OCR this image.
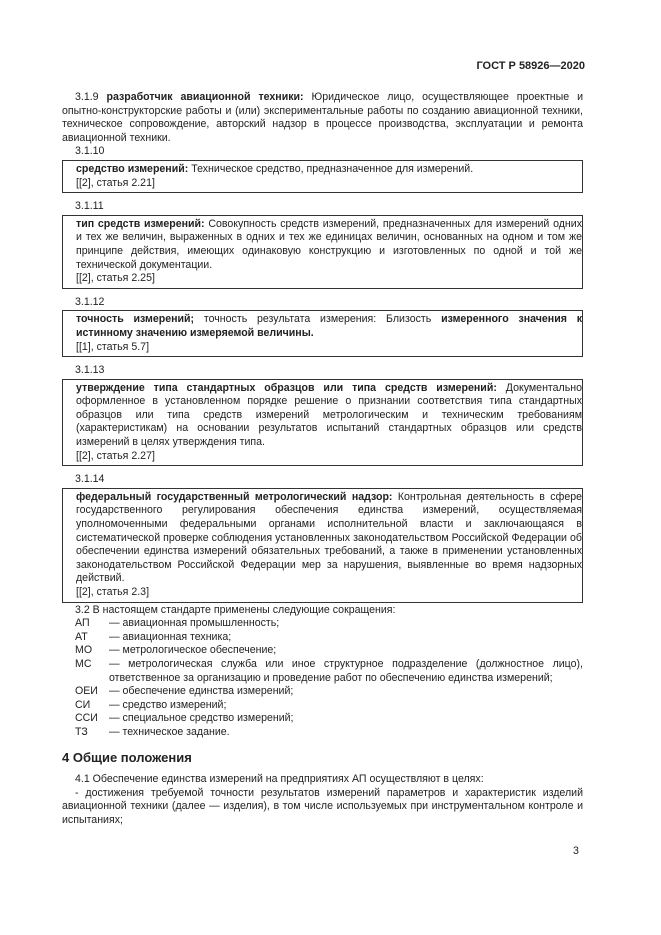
ГОСТ Р 58926—2020

3.1.9 разработчик авиационной техники: Юридическое лицо, осуществляющее проектные и опытно-конструкторские работы и (или) экспериментальные работы по созданию авиационной техники, техническое сопровождение, авторский надзор в процессе производства, эксплуатации и ремонта авиационной техники.

3.1.10

средство измерений: Техническое средство, предназначенное для измерений.

[[2], статья 2.21]

3.1.11

тип средств измерений: Совокупность средств измерений, предназначенных для измерений одних и тех же величин, выраженных в одних и тех же единицах величин, основанных на одном и том же принципе действия, имеющих одинаковую конструкцию и изготовленных по одной и той же технической документации.

[[2], статья 2.25]

3.1.12

точность измерений; точность результата измерения: Близость измеренного значения к истинному значению измеряемой величины.

[[1], статья 5.7]

3.1.13

утверждение типа стандартных образцов или типа средств измерений: Документально оформленное в установленном порядке решение о признании соответствия типа стандартных образцов или типа средств измерений метрологическим и техническим требованиям (характеристикам) на основании результатов испытаний стандартных образцов или средств измерений в целях утверждения типа.

[[2], статья 2.27]

3.1.14

федеральный государственный метрологический надзор: Контрольная деятельность в сфере государственного регулирования обеспечения единства измерений, осуществляемая уполномоченными федеральными органами исполнительной власти и заключающаяся в систематической проверке соблюдения установленных законодательством Российской Федерации об обеспечении единства измерений обязательных требований, а также в применении установленных законодательством Российской Федерации мер за нарушения, выявленные во время надзорных действий.

[[2], статья 2.3]

3.2 В настоящем стандарте применены следующие сокращения:

АП	— авиационная промышленность;
АТ	— авиационная техника;
МО	— метрологическое обеспечение;
МС	— метрологическая служба или иное структурное подразделение (должностное лицо), ответственное за организацию и проведение работ по обеспечению единства измерений;
ОЕИ	— обеспечение единства измерений;
СИ	— средство измерений;
ССИ	— специальное средство измерений;
ТЗ	— техническое задание.
4 Общие положения

4.1 Обеспечение единства измерений на предприятиях АП осуществляют в целях:

- достижения требуемой точности результатов измерений параметров и характеристик изделий авиационной техники (далее — изделия), в том числе используемых при инструментальном контроле и испытаниях;

3
